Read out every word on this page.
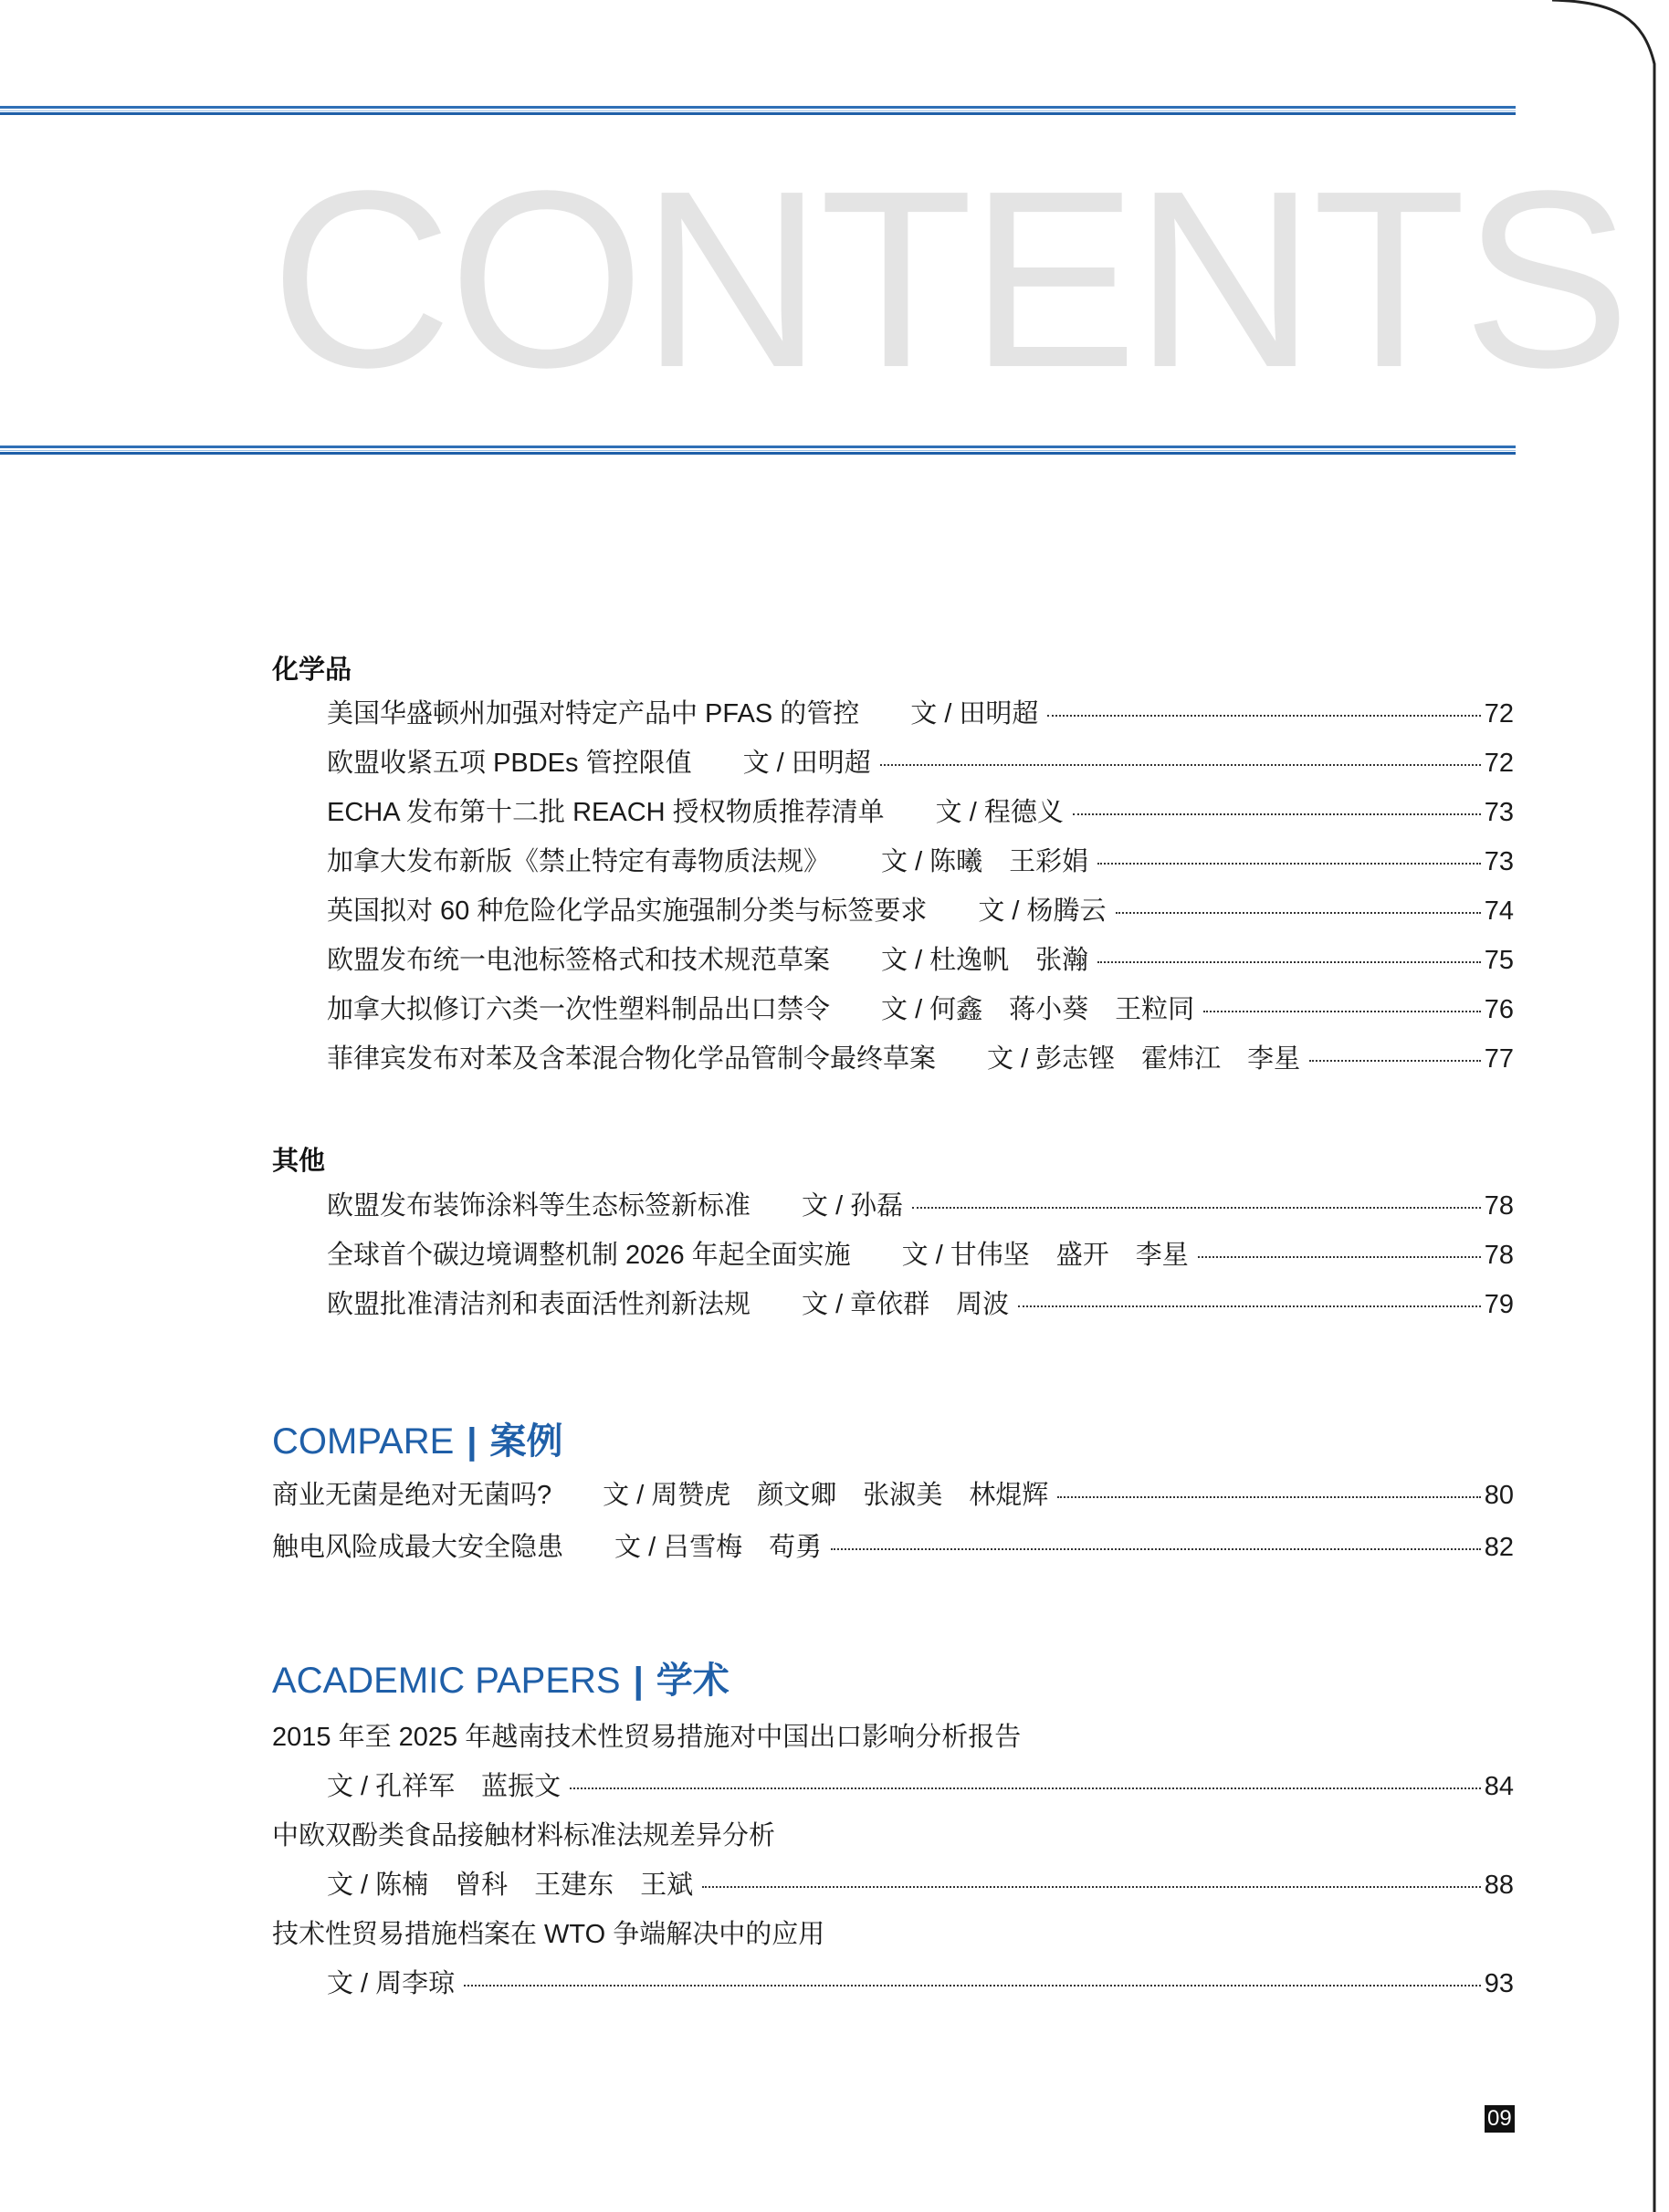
CONTENTS
化学品
美国华盛顿州加强对特定产品中 PFAS 的管控 文 / 田明超	72
欧盟收紧五项 PBDEs 管控限值 文 / 田明超	72
ECHA 发布第十二批 REACH 授权物质推荐清单 文 / 程德义	73
加拿大发布新版《禁止特定有毒物质法规》 文 / 陈曦　王彩娟	73
英国拟对 60 种危险化学品实施强制分类与标签要求 文 / 杨腾云	74
欧盟发布统一电池标签格式和技术规范草案 文 / 杜逸帆　张瀚	75
加拿大拟修订六类一次性塑料制品出口禁令 文 / 何鑫　蒋小葵　王粒同	76
菲律宾发布对苯及含苯混合物化学品管制令最终草案 文 / 彭志铿　霍炜江　李星	77
其他
欧盟发布装饰涂料等生态标签新标准 文 / 孙磊	78
全球首个碳边境调整机制 2026 年起全面实施 文 / 甘伟坚　盛开　李星	78
欧盟批准清洁剂和表面活性剂新法规 文 / 章依群　周波	79
COMPARE | 案例
商业无菌是绝对无菌吗? 文 / 周赞虎　颜文卿　张淑美　林焜辉	80
触电风险成最大安全隐患 文 / 吕雪梅　苟勇	82
ACADEMIC PAPERS | 学术
2015 年至 2025 年越南技术性贸易措施对中国出口影响分析报告
文 / 孔祥军　蓝振文	84
中欧双酚类食品接触材料标准法规差异分析
文 / 陈楠　曾科　王建东　王斌	88
技术性贸易措施档案在 WTO 争端解决中的应用
文 / 周李琼	93
09
